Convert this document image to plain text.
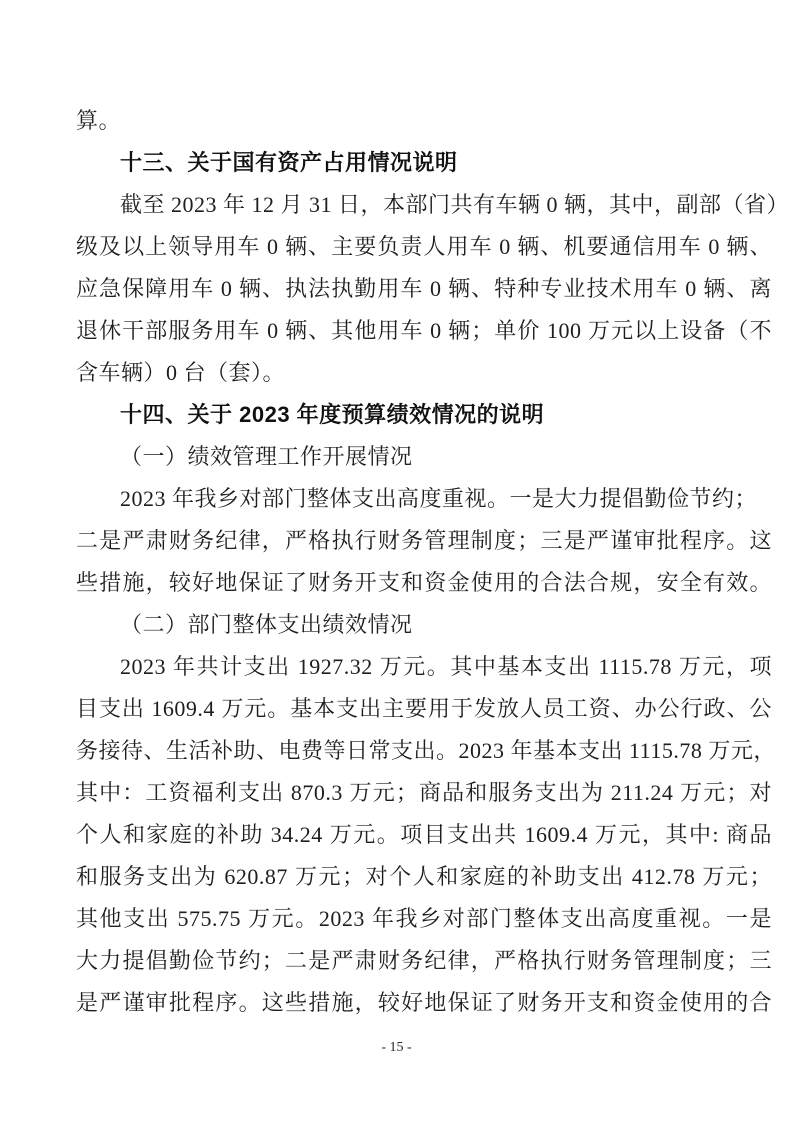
算。
十三、关于国有资产占用情况说明
截至 2023 年 12 月 31 日，本部门共有车辆 0 辆，其中，副部（省）
级及以上领导用车 0 辆、主要负责人用车 0 辆、机要通信用车 0 辆、
应急保障用车 0 辆、执法执勤用车 0 辆、特种专业技术用车 0 辆、离
退休干部服务用车 0 辆、其他用车 0 辆；单价 100 万元以上设备（不
含车辆）0 台（套）。
十四、关于 2023 年度预算绩效情况的说明
（一）绩效管理工作开展情况
2023 年我乡对部门整体支出高度重视。一是大力提倡勤俭节约；
二是严肃财务纪律，严格执行财务管理制度；三是严谨审批程序。这
些措施，较好地保证了财务开支和资金使用的合法合规，安全有效。
（二）部门整体支出绩效情况
2023 年共计支出 1927.32 万元。其中基本支出 1115.78 万元，项
目支出 1609.4 万元。基本支出主要用于发放人员工资、办公行政、公
务接待、生活补助、电费等日常支出。2023 年基本支出 1115.78 万元，
其中：工资福利支出 870.3 万元；商品和服务支出为 211.24 万元；对
个人和家庭的补助 34.24 万元。项目支出共 1609.4 万元，其中: 商品
和服务支出为 620.87 万元；对个人和家庭的补助支出 412.78 万元；
其他支出 575.75 万元。2023 年我乡对部门整体支出高度重视。一是
大力提倡勤俭节约；二是严肃财务纪律，严格执行财务管理制度；三
是严谨审批程序。这些措施，较好地保证了财务开支和资金使用的合
- 15 -
